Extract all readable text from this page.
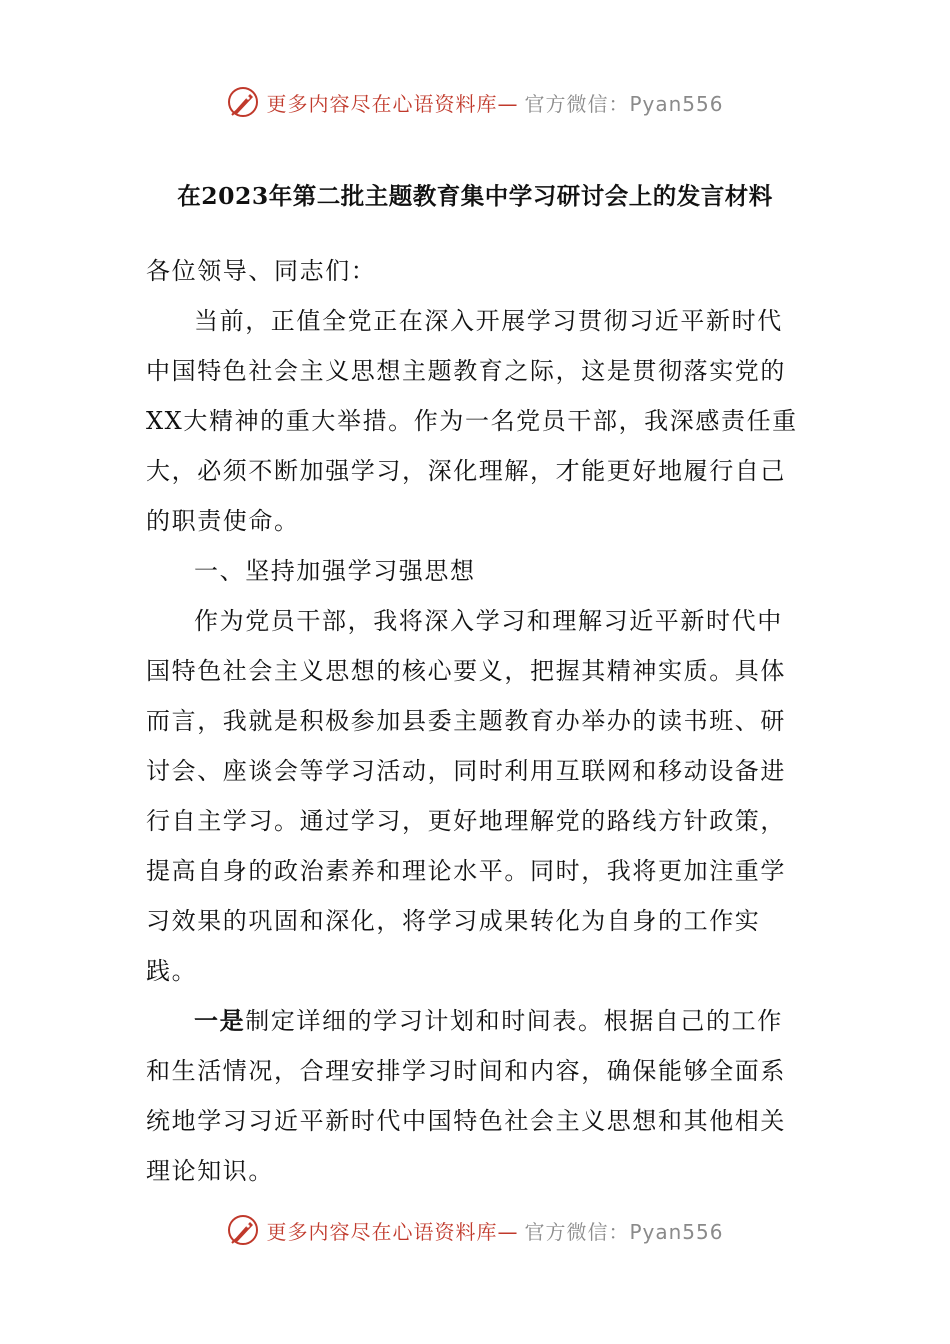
更多内容尽在心语资料库— 官方微信：Pyan556
在2023年第二批主题教育集中学习研讨会上的发言材料

各位领导、同志们：

当前，正值全党正在深入开展学习贯彻习近平新时代中国特色社会主义思想主题教育之际，这是贯彻落实党的XX大精神的重大举措。作为一名党员干部，我深感责任重大，必须不断加强学习，深化理解，才能更好地履行自己的职责使命。

一、坚持加强学习强思想

作为党员干部，我将深入学习和理解习近平新时代中国特色社会主义思想的核心要义，把握其精神实质。具体而言，我就是积极参加县委主题教育办举办的读书班、研讨会、座谈会等学习活动，同时利用互联网和移动设备进行自主学习。通过学习，更好地理解党的路线方针政策，提高自身的政治素养和理论水平。同时，我将更加注重学习效果的巩固和深化，将学习成果转化为自身的工作实践。

一是制定详细的学习计划和时间表。根据自己的工作和生活情况，合理安排学习时间和内容，确保能够全面系统地学习习近平新时代中国特色社会主义思想和其他相关理论知识。

更多内容尽在心语资料库— 官方微信：Pyan556
